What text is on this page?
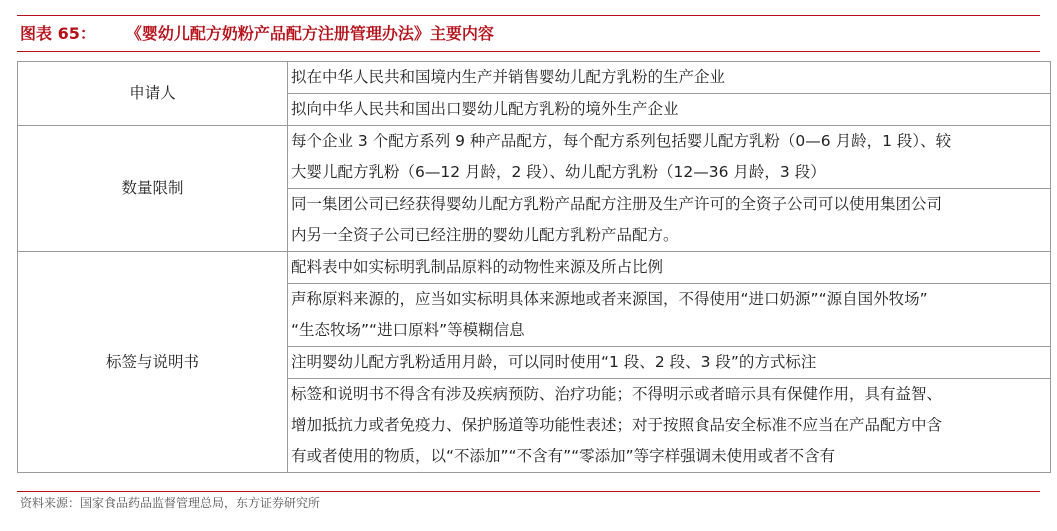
图表 65： 《婴幼儿配方奶粉产品配方注册管理办法》主要内容
申请人	拟在中华人民共和国境内生产并销售婴幼儿配方乳粉的生产企业

	拟向中华人民共和国出口婴幼儿配方乳粉的境外生产企业

数量限制	每个企业 3 个配方系列 9 种产品配方，每个配方系列包括婴儿配方乳粉（0—6 月龄，1 段）、较
大婴儿配方乳粉（6—12 月龄，2 段）、幼儿配方乳粉（12—36 月龄，3 段）

	同一集团公司已经获得婴幼儿配方乳粉产品配方注册及生产许可的全资子公司可以使用集团公司
内另一全资子公司已经注册的婴幼儿配方乳粉产品配方。

标签与说明书	配料表中如实标明乳制品原料的动物性来源及所占比例

	声称原料来源的，应当如实标明具体来源地或者来源国，不得使用“进口奶源”“源自国外牧场”
“生态牧场”“进口原料”等模糊信息

	注明婴幼儿配方乳粉适用月龄，可以同时使用“1 段、2 段、3 段”的方式标注

	标签和说明书不得含有涉及疾病预防、治疗功能；不得明示或者暗示具有保健作用，具有益智、
增加抵抗力或者免疫力、保护肠道等功能性表述；对于按照食品安全标准不应当在产品配方中含
有或者使用的物质，以“不添加”“不含有”“零添加”等字样强调未使用或者不含有
资料来源：国家食品药品监督管理总局，东方证券研究所
